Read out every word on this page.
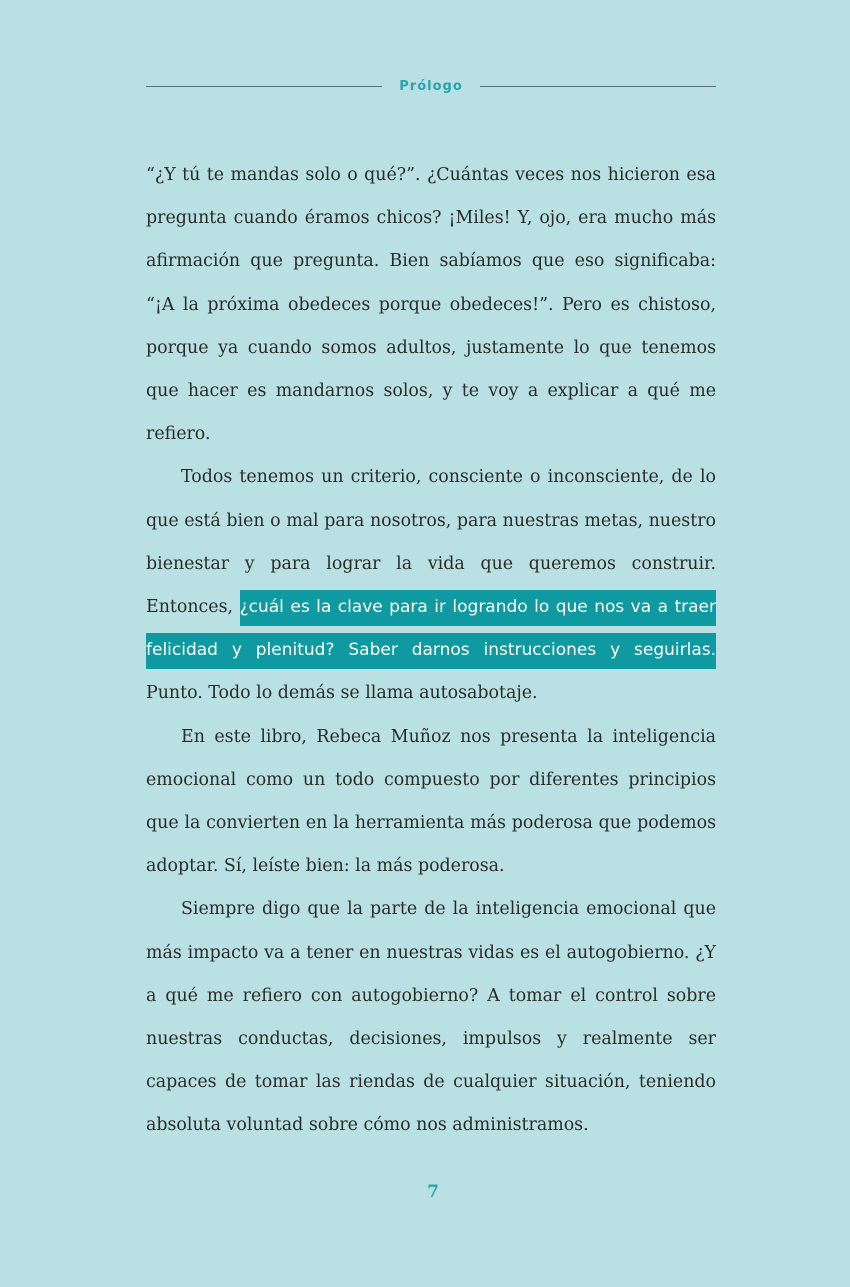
Prólogo

“¿Y tú te mandas solo o qué?”. ¿Cuántas veces nos hicieron esa pregunta cuando éramos chicos? ¡Miles! Y, ojo, era mucho más afirmación que pregunta. Bien sabíamos que eso significaba: “¡A la próxima obedeces porque obedeces!”. Pero es chistoso, porque ya cuando somos adultos, justamente lo que tenemos que hacer es mandarnos solos, y te voy a explicar a qué me refiero.

Todos tenemos un criterio, consciente o inconsciente, de lo que está bien o mal para nosotros, para nuestras metas, nuestro bienestar y para lograr la vida que queremos construir. Entonces, ¿cuál es la clave para ir logrando lo que nos va a traer felicidad y plenitud? Saber darnos instrucciones y seguirlas. Punto. Todo lo demás se llama autosabotaje.

En este libro, Rebeca Muñoz nos presenta la inteligencia emocional como un todo compuesto por diferentes principios que la convierten en la herramienta más poderosa que podemos adoptar. Sí, leíste bien: la más poderosa.

Siempre digo que la parte de la inteligencia emocional que más impacto va a tener en nuestras vidas es el autogobierno. ¿Y a qué me refiero con autogobierno? A tomar el control sobre nuestras conductas, decisiones, impulsos y realmente ser capaces de tomar las riendas de cualquier situación, teniendo absoluta voluntad sobre cómo nos administramos.

7
